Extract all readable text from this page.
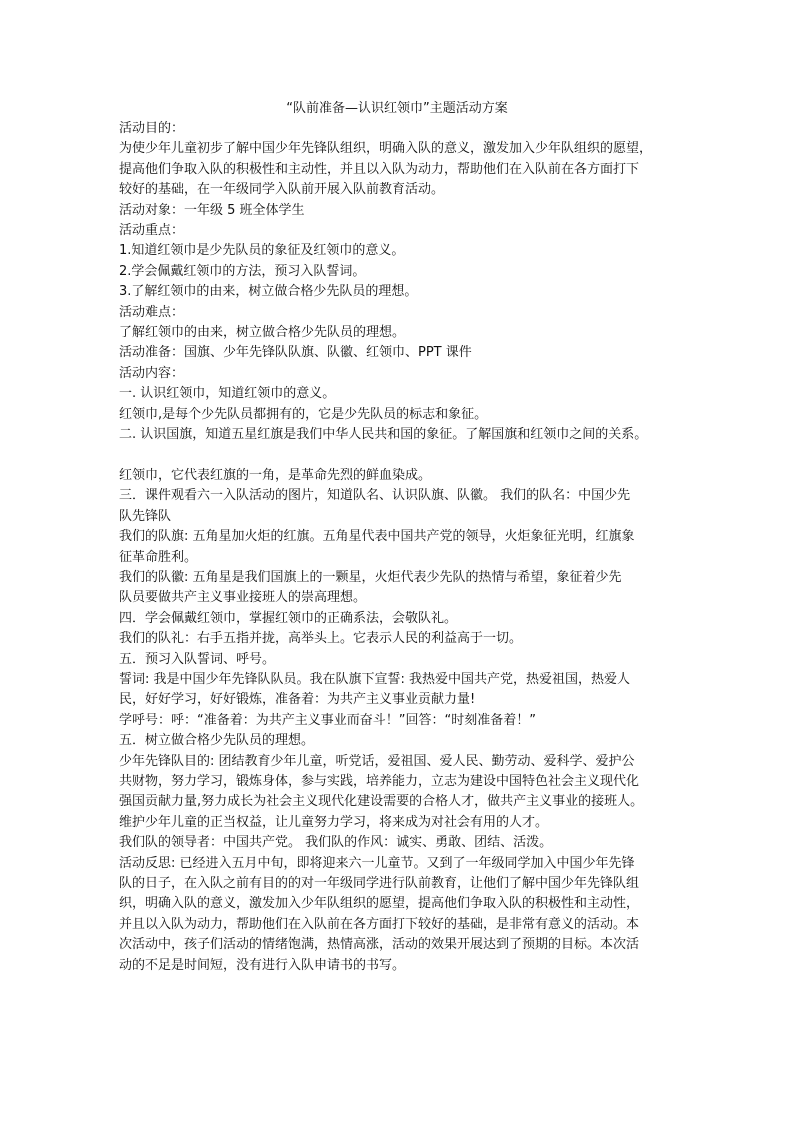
“队前准备—认识红领巾”主题活动方案
活动目的：
为使少年儿童初步了解中国少年先锋队组织，明确入队的意义，激发加入少年队组织的愿望，
提高他们争取入队的积极性和主动性，并且以入队为动力，帮助他们在入队前在各方面打下
较好的基础，在一年级同学入队前开展入队前教育活动。
活动对象：一年级 5 班全体学生
活动重点：
1.知道红领巾是少先队员的象征及红领巾的意义。
2.学会佩戴红领巾的方法，预习入队誓词。
3.了解红领巾的由来，树立做合格少先队员的理想。
活动难点：
了解红领巾的由来，树立做合格少先队员的理想。
活动准备：国旗、少年先锋队队旗、队徽、红领巾、PPT 课件
活动内容：
一. 认识红领巾，知道红领巾的意义。
红领巾,是每个少先队员都拥有的，它是少先队员的标志和象征。
二. 认识国旗，知道五星红旗是我们中华人民共和国的象征。了解国旗和红领巾之间的关系。
红领巾，它代表红旗的一角，是革命先烈的鲜血染成。
三．课件观看六一入队活动的图片，知道队名、认识队旗、队徽。 我们的队名：中国少先
队先锋队
我们的队旗: 五角星加火炬的红旗。五角星代表中国共产党的领导，火炬象征光明，红旗象
征革命胜利。
我们的队徽: 五角星是我们国旗上的一颗星，火炬代表少先队的热情与希望，象征着少先
队员要做共产主义事业接班人的崇高理想。
四．学会佩戴红领巾，掌握红领巾的正确系法，会敬队礼。
我们的队礼：右手五指并拢，高举头上。它表示人民的利益高于一切。
五．预习入队誓词、呼号。
誓词: 我是中国少年先锋队队员。我在队旗下宣誓: 我热爱中国共产党，热爱祖国，热爱人
民，好好学习，好好锻炼，准备着：为共产主义事业贡献力量!
学呼号：呼：“准备着：为共产主义事业而奋斗！”回答：“时刻准备着！”
五．树立做合格少先队员的理想。
少年先锋队目的: 团结教育少年儿童，听党话，爱祖国、爱人民、勤劳动、爱科学、爱护公
共财物，努力学习，锻炼身体，参与实践，培养能力，立志为建设中国特色社会主义现代化
强国贡献力量,努力成长为社会主义现代化建设需要的合格人才，做共产主义事业的接班人。
维护少年儿童的正当权益，让儿童努力学习，将来成为对社会有用的人才。
我们队的领导者：中国共产党。 我们队的作风：诚实、勇敢、团结、活泼。
活动反思: 已经进入五月中旬，即将迎来六一儿童节。又到了一年级同学加入中国少年先锋
队的日子，在入队之前有目的的对一年级同学进行队前教育，让他们了解中国少年先锋队组
织，明确入队的意义，激发加入少年队组织的愿望，提高他们争取入队的积极性和主动性，
并且以入队为动力，帮助他们在入队前在各方面打下较好的基础，是非常有意义的活动。本
次活动中，孩子们活动的情绪饱满，热情高涨，活动的效果开展达到了预期的目标。本次活
动的不足是时间短，没有进行入队申请书的书写。
